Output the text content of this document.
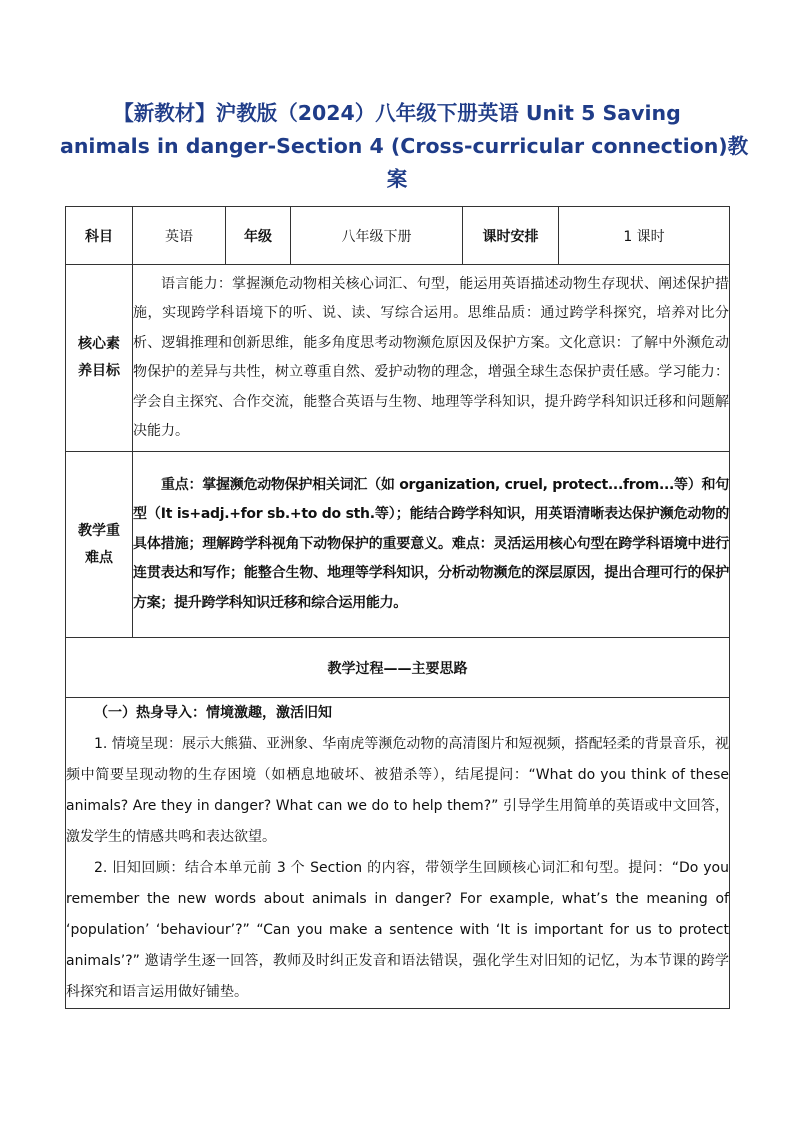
【新教材】沪教版（2024）八年级下册英语 Unit 5 Saving
animals in danger-Section 4 (Cross-curricular connection)教
案
科目	英语	年级	八年级下册	课时安排	1 课时

核心素
养目标	语言能力：掌握濒危动物相关核心词汇、句型，能运用英语描述动物生存现状、阐述保护措施，实现跨学科语境下的听、说、读、写综合运用。思维品质：通过跨学科探究，培养对比分析、逻辑推理和创新思维，能多角度思考动物濒危原因及保护方案。文化意识：了解中外濒危动物保护的差异与共性，树立尊重自然、爱护动物的理念，增强全球生态保护责任感。学习能力：学会自主探究、合作交流，能整合英语与生物、地理等学科知识，提升跨学科知识迁移和问题解决能力。				

教学重
难点	重点：掌握濒危动物保护相关词汇（如 organization, cruel, protect...from...等）和句型（It is+adj.+for sb.+to do sth.等）；能结合跨学科知识，用英语清晰表达保护濒危动物的具体措施；理解跨学科视角下动物保护的重要意义。难点：灵活运用核心句型在跨学科语境中进行连贯表达和写作；能整合生物、地理等学科知识，分析动物濒危的深层原因，提出合理可行的保护方案；提升跨学科知识迁移和综合运用能力。				
教学过程——主要思路					

（一）热身导入：情境激趣，激活旧知

1. 情境呈现：展示大熊猫、亚洲象、华南虎等濒危动物的高清图片和短视频，搭配轻柔的背景音乐，视频中简要呈现动物的生存困境（如栖息地破坏、被猎杀等），结尾提问：“What do you think of these animals? Are they in danger? What can we do to help them?” 引导学生用简单的英语或中文回答，激发学生的情感共鸣和表达欲望。

2. 旧知回顾：结合本单元前 3 个 Section 的内容，带领学生回顾核心词汇和句型。提问：“Do you remember the new words about animals in danger? For example, what’s the meaning of ‘population’ ‘behaviour’?” “Can you make a sentence with ‘It is important for us to protect animals’?” 邀请学生逐一回答，教师及时纠正发音和语法错误，强化学生对旧知的记忆，为本节课的跨学科探究和语言运用做好铺垫。					
